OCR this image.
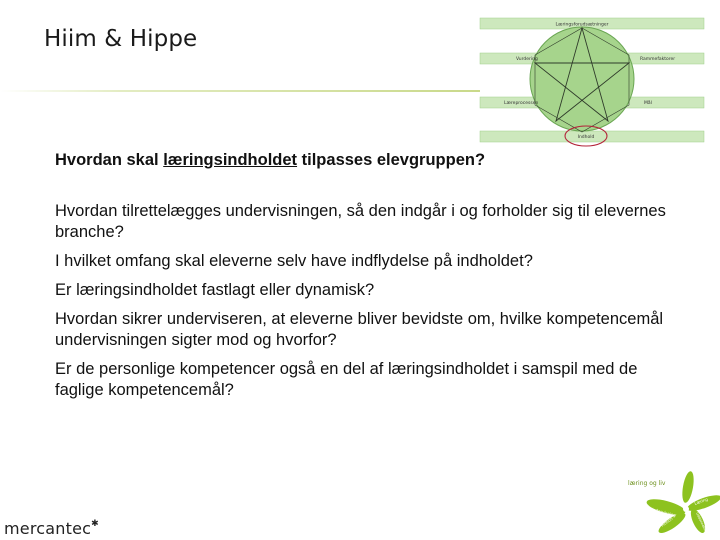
Hiim & Hippe
Læringsforudsætninger
Vurdering	Rammefaktorer
Læreprocessen	Mål
Indhold

Hvordan skal læringsindholdet tilpasses elevgruppen?

Hvordan tilrettelægges undervisningen, så den indgår i og forholder sig til elevernes branche?

I hvilket omfang skal eleverne selv have indflydelse på indholdet?

Er læringsindholdet fastlagt eller dynamisk?

Hvordan sikrer underviseren, at eleverne bliver bevidste om, hvilke kompetencemål undervisningen sigter mod og hvorfor?

Er de personlige kompetencer også en del af læringsindholdet i samspil med de faglige kompetencemål?

mercantec✱
læring og liv
Undervisning
Læring
Motion	Uddannelse
